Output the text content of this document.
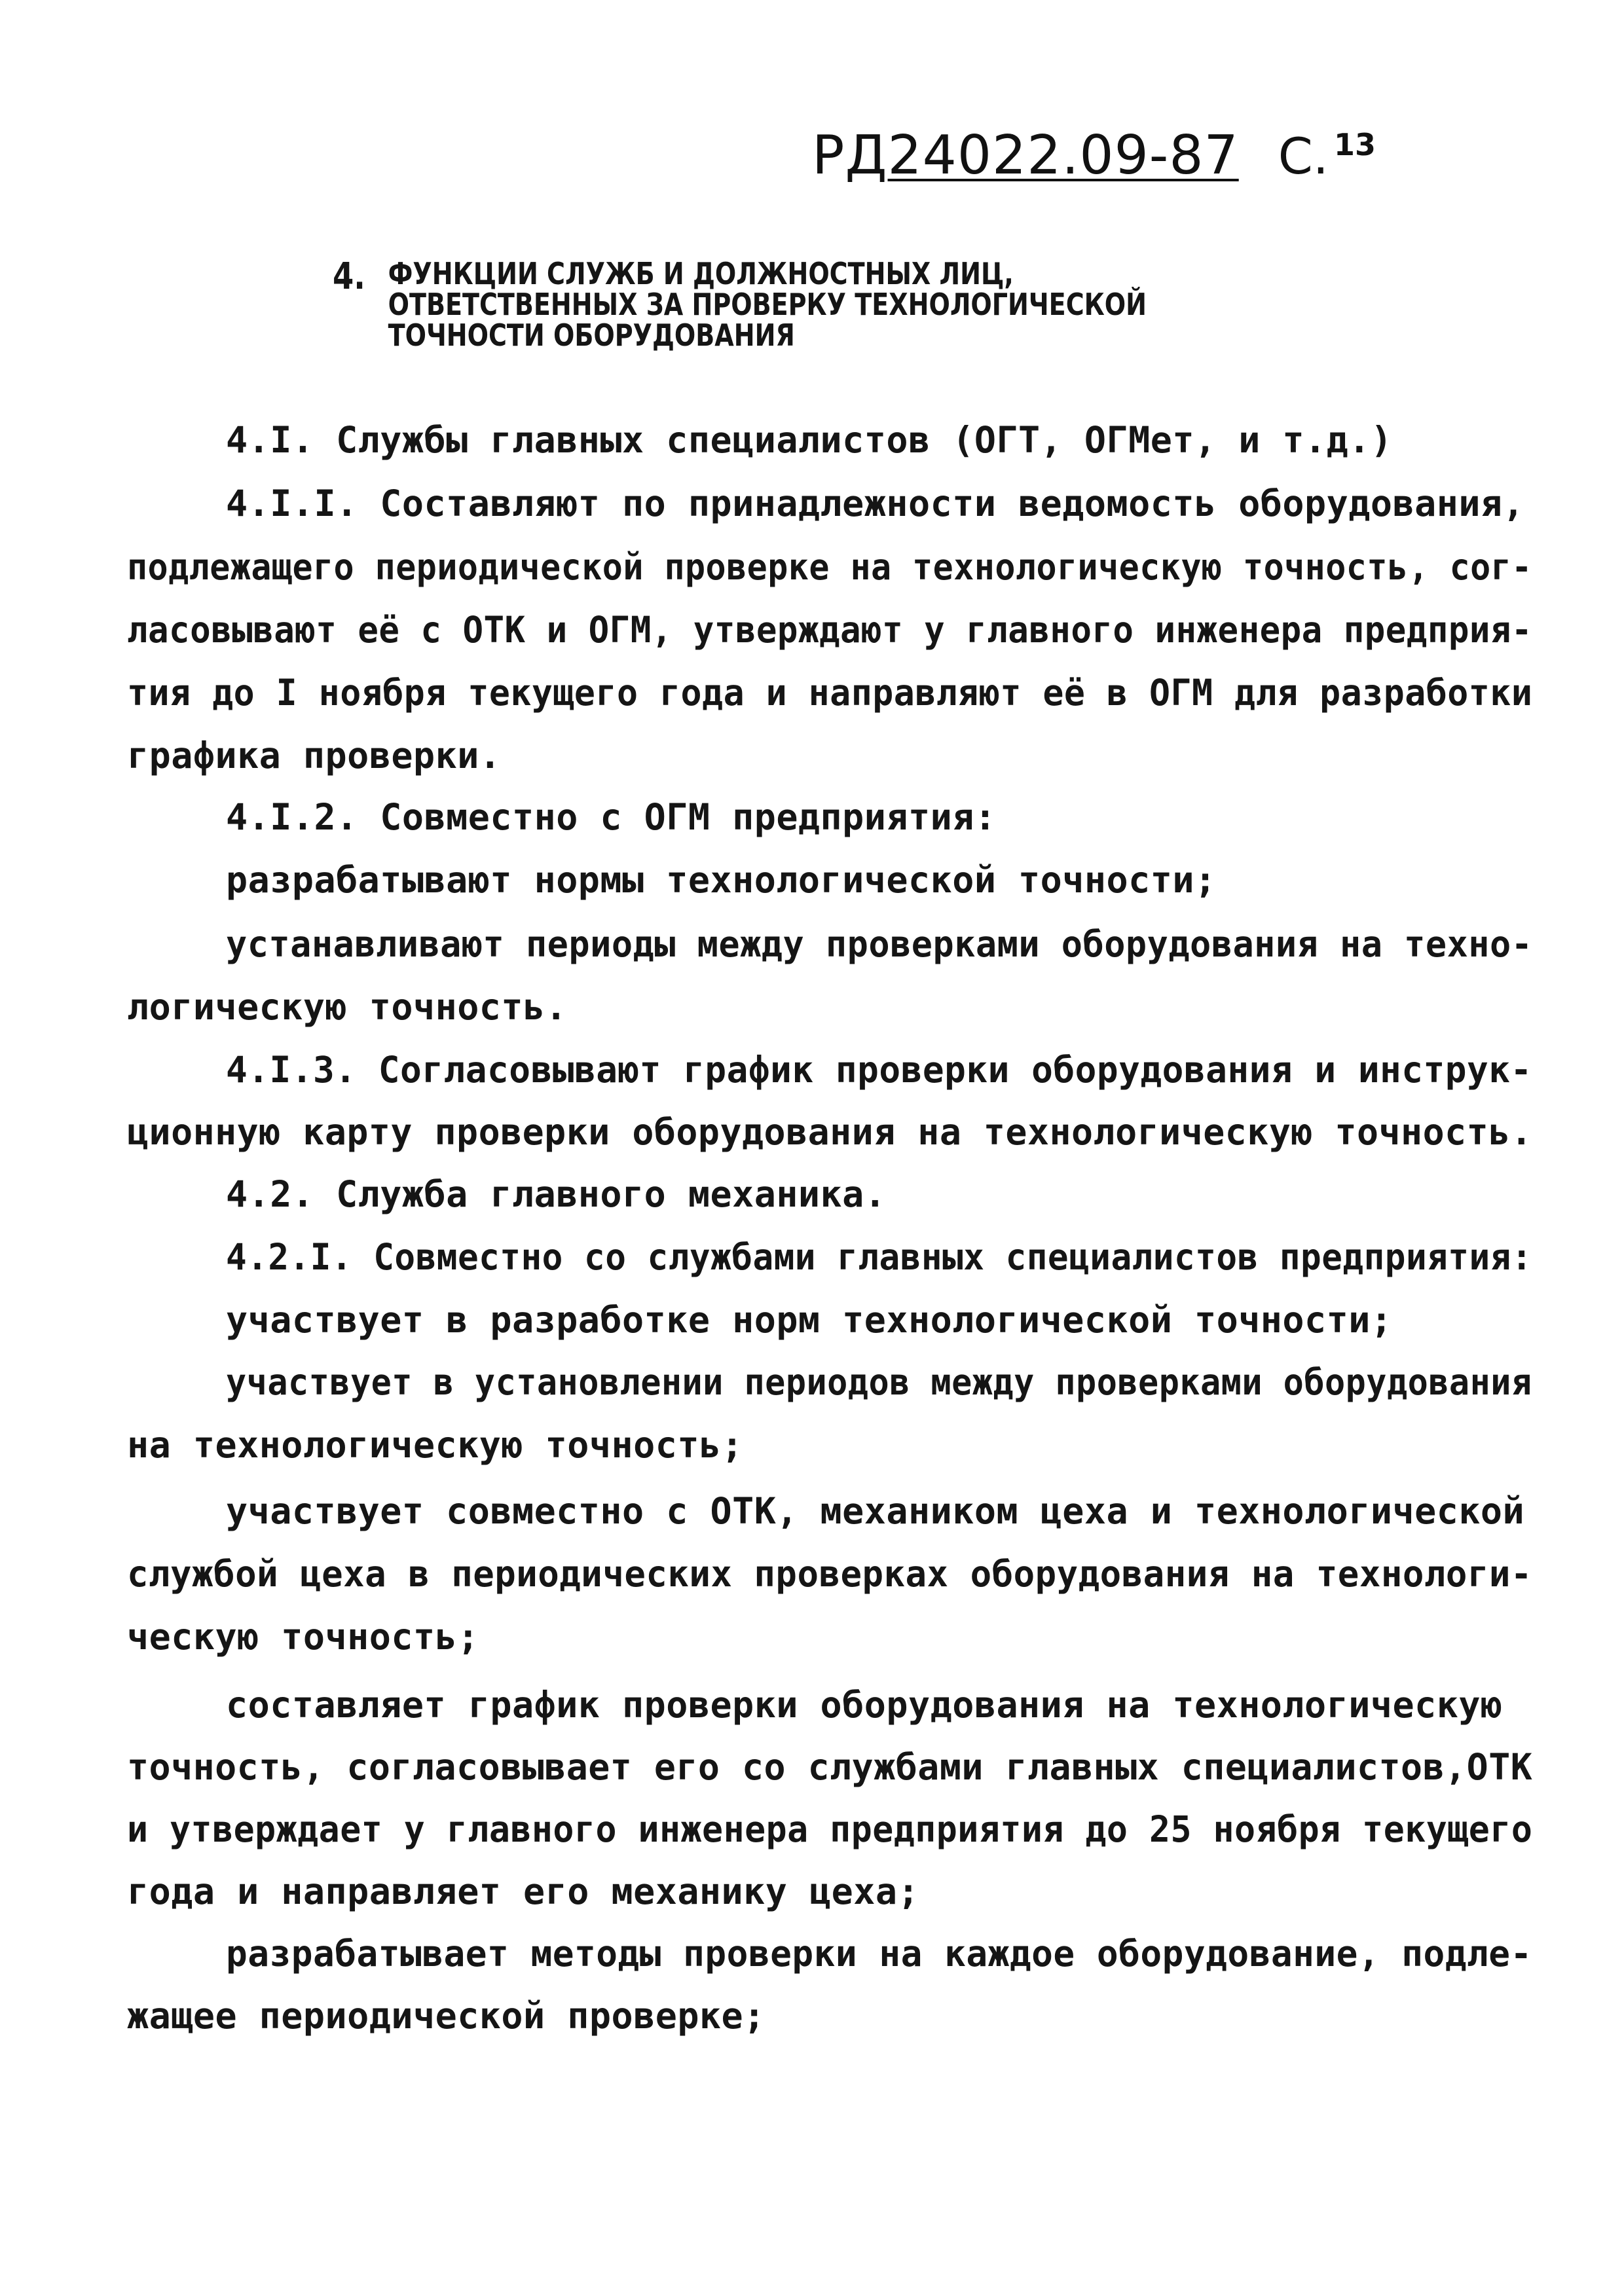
РД24022.09-87 С. $^{13}$
4. ФУНКЦИИ СЛУЖБ И ДОЛЖНОСТНЫХ ЛИЦ,
ОТВЕТСТВЕННЫХ ЗА ПРОВЕРКУ ТЕХНОЛОГИЧЕСКОЙ
ТОЧНОСТИ ОБОРУДОВАНИЯ
4.I. Службы главных специалистов (ОГТ, ОГМет, и т.д.)
4.I.I. Составляют по принадлежности ведомость оборудования,
подлежащего периодической проверке на технологическую точность, сог-
ласовывают её с ОТК и ОГМ, утверждают у главного инженера предприя-
тия до I ноября текущего года и направляют её в ОГМ для разработки
графика проверки.
4.I.2. Совместно с ОГМ предприятия:
разрабатывают нормы технологической точности;
устанавливают периоды между проверками оборудования на техно-
логическую точность.
4.I.3. Согласовывают график проверки оборудования и инструк-
ционную карту проверки оборудования на технологическую точность.
4.2. Служба главного механика.
4.2.I. Совместно со службами главных специалистов предприятия:
участвует в разработке норм технологической точности;
участвует в установлении периодов между проверками оборудования
на технологическую точность;
участвует совместно с ОТК, механиком цеха и технологической
службой цеха в периодических проверках оборудования на технологи-
ческую точность;
составляет график проверки оборудования на технологическую
точность, согласовывает его со службами главных специалистов,ОТК
и утверждает у главного инженера предприятия до 25 ноября текущего
года и направляет его механику цеха;
разрабатывает методы проверки на каждое оборудование, подле-
жащее периодической проверке;
